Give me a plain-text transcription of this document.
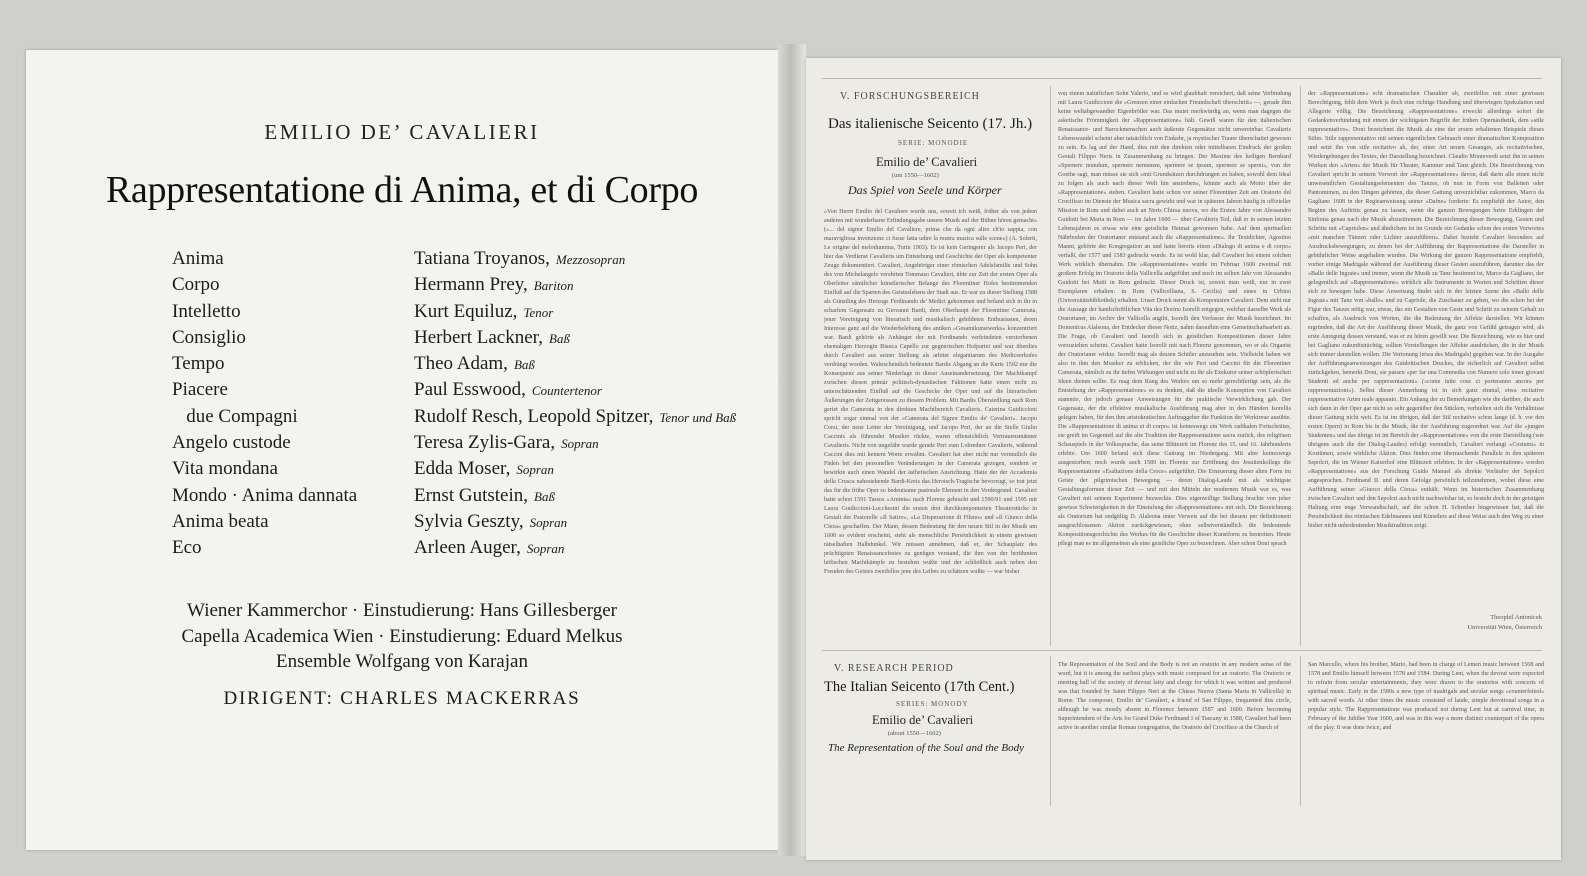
EMILIO DE’ CAVALIERI
Rappresentatione di Anima, et di Corpo
Anima	Tatiana Troyanos, Mezzosopran
Corpo	Hermann Prey, Bariton
Intelletto	Kurt Equiluz, Tenor
Consiglio	Herbert Lackner, Baß
Tempo	Theo Adam, Baß
Piacere	Paul Esswood, Countertenor
due Compagni	Rudolf Resch, Leopold Spitzer, Tenor und Baß
Angelo custode	Teresa Zylis-Gara, Sopran
Vita mondana	Edda Moser, Sopran
Mondo · Anima dannata	Ernst Gutstein, Baß
Anima beata	Sylvia Geszty, Sopran
Eco	Arleen Auger, Sopran
Wiener Kammerchor · Einstudierung: Hans Gillesberger
Capella Academica Wien · Einstudierung: Eduard Melkus
Ensemble Wolfgang von Karajan
DIRIGENT: CHARLES MACKERRAS
V. FORSCHUNGSBEREICH
Das italienische Seicento (17. Jh.)
SERIE: MONODIE
Emilio de’ Cavalieri
(um 1550—1602)
Das Spiel von Seele und Körper
»Von Herrn Emilio del Cavaliere wurde uns, soweit ich weiß, früher als von jedem anderen mit wunderbarer Erfindungsgabe unsere Musik auf der Bühne hören gemacht« (»... del signor Emilio del Cavaliere, prima che da ogni altro ch'io sappia, con maravigliosa invenzione ci fusse fatta udire la nostra musica sulle scene«) (A. Solerti, Le origine del melodramma, Turin 1903). Es ist kein Geringerer als Jacopo Peri, der hier das Verdienst Cavalieris um Entstehung und Geschichte der Oper als kompetenter Zeuge dokumentiert. Cavalieri, Angehöriger einer römischen Adelsfamilie und Sohn des von Michelangelo verehrten Tommaso Cavalieri, übte zur Zeit der ersten Oper als Oberleiter sämtlicher künstlerischer Belange des Florentiner Hofes bestimmenden Einfluß auf die Sparten des Geisteslebens der Stadt aus. Er war zu dieser Stellung 1588 als Günstling des Herzogs Ferdinando de' Medici gekommen und befand sich in ihr in scharfem Gegensatz zu Giovanni Bardi, dem Oberhaupt der Florentiner Camerata, jener Vereinigung von literarisch und musikalisch gebildeten Enthusiasten, deren Interesse ganz auf die Wiederbelebung des antiken »Gesamtkunstwerks« konzentriert war. Bardi gehörte als Anhänger der mit Ferdinando verfeindeten verstorbenen ehemaligen Herzogin Bianca Capello zur gegnerischen Hofpartei und war überdies durch Cavalieri aus seiner Stellung als arbiter elegantiarum des Mediceerhofes verdrängt worden. Wahrscheinlich bedeutete Bardis Abgang an die Kurie 1592 nur die Konsequenz aus seiner Niederlage in dieser Auseinandersetzung. Der Machtkampf zwischen diesen primär politisch-dynastischen Faktionen hatte einen nicht zu unterschätzenden Einfluß auf die Geschicke der Oper und auf die literarischen Äußerungen der Zeitgenossen zu diesem Problem. Mit Bardis Übersiedlung nach Rom geriet die Camerata in den direkten Machtbereich Cavalieris. Caterina Guidiccioni spricht sogar einmal von der »Camerata del Signor Emilio de' Cavalieri«. Jacopo Corsi, der neue Leiter der Vereinigung, und Jacopo Peri, der an die Stelle Giulio Caccinis als führender Musiker rückte, waren offensichtlich Vertrauensmänner Cavalieris. Nicht von ungefähr wurde gerade Peri zum Lobredner Cavalieris, während Caccini dies mit keinem Worte erwähnt. Cavalieri hat aber nicht nur vermutlich die Fäden bei den personellen Veränderungen in der Camerata gezogen, sondern er bewirkte auch einen Wandel der ästhetischen Ausrichtung. Hatte der der Accademia della Crusca nahestehende Bardi-Kreis das Heroisch-Tragische bevorzugt, so trat jetzt das für die frühe Oper so bedeutsame pastorale Element in den Vordergrund. Cavalieri hatte schon 1591 Tassos »Aminta« nach Florenz gebracht und 1590/91 und 1595 mit Laura Guidiccioni-Lucchesini die ersten drei durchkomponierten Theaterstücke in Gestalt der Pastorelle »Il Satiro«, »La Disperazione di Fileno« und »Il Giuoco della Cieca« geschaffen. Der Mann, dessen Bedeutung für den neuen Stil in der Musik um 1600 so evident erscheint, steht als menschliche Persönlichkeit in einem gewissen rätselhaften Halbdunkel. Wir müssen annehmen, daß er, der Schauplatz des prächtigsten Renaissancefestes zu genügen verstand, die ihm von der berühmten höfischen Machtkämpfe zu bestehen wußte und der schließlich auch neben den Freuden des Geistes zweifellos jene des Leibes zu schätzen wußte — war bisher
von einem natürlichen Sohn Valerio, und es wird glaubhaft versichert, daß seine Verbindung mit Laura Guidiccioni die »Grenzen einer einfachen Freundschaft überschritt« —, gerade ihm keine weltabgewandter Eigenbrötler war. Das mutet merkwürdig an, wenn man dagegen die asketische Frömmigkeit der »Rappresentatione« hält. Gewiß waren für den italienischen Renaissance- und Barockmenschen auch äußerste Gegensätze nicht unvereinbar. Cavalieris Lebenswandel scheint aber tatsächlich von Einkehr, ja mystischer Trauer überschattet gewesen zu sein. Es lag auf der Hand, dies mit den direkten oder mittelbaren Eindruck der großen Gestalt Filippo Neris in Zusammenhang zu bringen. Der Maxime des heiligen Bernhard »Spernere mundum, spernere nemenem, spernere se ipsum, spernere se sperni«, von der Goethe sagt, man müsse sie sich »mit Grundsätzen durchdrungen zu haben, sowohl dem Ideal zu folgen als auch nach dieser Welt hin anstreben«, könnte auch als Motto über der »Rappresentatione« stehen. Cavalieri hatte schon vor seiner Florentiner Zeit am Oratorio del Crocifisso im Dienste der Musica sacra gewirkt und war in späteren Jahren häufig in offizieller Mission in Rom und dabei auch an Neris Chiesa nuova, wo die Ersten Jahre von Alessandro Guidotti bei Maria in Rom — im Jahre 1600 — über Cavalieris Tod, daß er in seinen letzten Lebensjahren es etwas wie eine geistliche Heimat gewonnen habe. Auf dem spirituellen Nährboden der Oratorianer entstand auch die »Rappresentatione«. Ihr Textdichter, Agostino Manni, gehörte der Kongregation an und hatte bereits einen »Dialogo di anima e di corpo« verfaßt, der 1577 und 1583 gedruckt wurde. Es ist wohl klar, daß Cavalieri bei einem solchen Werk wirklich übernahm. Die »Rappresentatione« wurde im Februar 1600 zweimal mit großem Erfolg im Oratorio della Vallicella aufgeführt und noch im selben Jahr von Alessandro Guidotti bei Mutii in Rom gedruckt. Dieser Druck ist, soweit man weiß, nur in zwei Exemplaren erhalten: in Rom (Vallicelliana, S. Cecilia) und eines in Urbino (Universitätsbibliothek) erhalten. Unser Druck nennt als Komponisten Cavalieri. Dem steht nur die Aussage der handschriftlichen Vita des Dorino Isorelli entgegen, welcher dasselbe Werk als Oratorianer, im Archiv der Vallicella angibt, Isorelli den Verfasser der Musik bezeichnet. Im Domenicus Alaleona, der Entdecker dieser Notiz, nahm daraufhin eine Gemeinschaftsarbeit an. Die Frage, ob Cavalieri und Isorelli sich in geistlichen Kompositionen dieser Jahre vorzuziehen scheint. Cavalieri hatte Isorelli mit nach Florenz genommen, wo er als Organist der Oratorianer wirkte. Isorelli mag als dessen Schüler anzusehen sein. Vielleicht haben wir also in ihm den Musiker zu erblicken, der die wie Peri und Caccini für die Florentiner Camerata, nämlich zu ihr tiefen Wirkungen und nicht zu ihr als Exekutor seiner schöpferischen Ideen dienen sollte. Es mag dem Rang des Werkes um so mehr gerechtfertigt sein, als die Entstehung der »Rappresentatione« es zu denken, daß die ideelle Konzeption von Cavalieri stammte, der jedoch genaue Anweisungen für die praktische Verwirklichung gab. Der Gegensatz, der die effektive musikalische Ausführung mag aber in den Händen Isorellis gelegen haben, für den ihm aristokratischen Auftraggeber die Funktion der Werktreue ausübte. Die »Rappresentatione di anima et di corpo« ist keineswegs ein Werk radikalen Fortschrittes, sie greift im Gegenteil auf die alte Tradition der Rappresentatione sacra zurück, des religiösen Schauspiels in der Volkssprache, das seine Blütezeit im Florenz des 15. und 16. Jahrhunderts erlebte. Um 1600 befand sich diese Gattung im Niedergang. Mit aber keineswegs ausgestorben; noch wurde auch 1589 im Florenz zur Eröffnung des Jesuitenkollegs die Rappresentatione »Esaltazione della Croce« aufgeführt. Die Erneuerung dieser alten Form im Geiste der pilgrimischen Bewegung — deren Dialog-Laude mit als wichtigste Gestaltungsformen dieser Zeit — und mit den Mitteln der modernen Musik war es, was Cavalieri mit seinem Experiment bezweckte. Dies eigenwillige Stellung brachte von jeher gewisse Schwierigkeiten in der Einstufung der »Rappresentatione« mit sich. Die Bezeichnung als Oratorium hat endgültig D. Alaleona unter Verweis auf die bei diesem per definitionem ausgeschlossenen Aktion zurückgewiesen, ohne selbstverständlich die bedeutende Kompositionsgeschichte des Werkes für die Geschichte dieser Kunstform zu bestreiten. Heute pflegt man es im allgemeinen als eine geistliche Oper zu bezeichnen. Aber schon Doni sprach
der »Rappresentatione« echt dramatischen Charakter ab, zweifellos mit einer gewissen Berechtigung, fehlt dem Werk ja doch eine richtige Handlung und überwiegen Spekulation und Allegorie völlig. Die Bezeichnung »Rappresentatione« erweckt allerdings sofort die Gedankenverbindung mit einem der wichtigsten Begriffe der frühen Opernästhetik, dem »stile rappresentativo«. Doni bezeichnet die Musik als eine der ersten erhaltenen Beispiele dieses Stiles. Stile rappresentativo mit seinen eigentlichen Gebrauch einer dramatischen Komposition und setzt ihn von stile recitativo ab, der, einer Art neuen Gesanges, als recitativischen, Wiedergebungen des Textes, der Darstellung bezeichnet. Claudio Monteverdi setzt ihn in seinen Werken den »Arten« der Musik für Theater, Kammer und Tanz gleich. Die Bezeichnung von Cavalieri spricht in seinem Vorwort der »Rappresentatione« davon, daß darin alle einen nicht unwesentlichen Gestaltungselementen des Tanzes, ob nun in Form von Balletten oder Pantomimen, zu den Dingen gehörten, die dieser Gattung unverzichtbar zukommen, Marco da Gagliano 1608 in der Regieanweisung seiner »Dafne« forderte: Es empfiehlt der Autor, den Beginn des Auftritts genau zu lassen, wenn die ganzen Bewegungen beim Erklingen der Sinfonia genau nach der Musik abzustimmen. Die Bezeichnung dieser Bewegung, Gesten und Schritte mit »Capriolen« und ähnlichem ist im Grunde ein Gedanke schon des ersten Vorwortes »mit manchen Tänzen oder Lichter auszuführen«. Dabei bezieht Cavalieri besonders auf Ausdrucksbewegungen, zu denen bei der Aufführung der Rappresentatione die Darsteller in gebührlicher Weise angehalten wurden. Die Wirkung der ganzen Rappresentatione empfiehlt, vorher einige Madrigale während der Ausführung dieser Gesten auszuführen, darunter das der »Ballo delle Ingrate« und immer, wenn die Musik zu Tanz bestimmt ist, Marco da Gagliano, der gelegentlich auf »Rappresentatione« wirklich alle Instrumente in Worten und Schritten dieser sich zu bewegen habe. Diese Anweisung findet sich in der letzten Szene des »Ballo delle Ingrate« mit Tanz von »ballo« und zu Capriole, die Zuschauer zu geben, wo die schon bei der Figur des Tanzes nötig war, etwas, das ein Gestalten von Geste und Schritt zu seinem Gehalt zu schaffen, als Ausdruck von Worten, die die Bedeutung der Affekte darstellen. Wir können ergründen, daß die Art der Ausführung dieser Musik, die ganz von Gefühl getragen wird, als erste Anregung dessen verstand, was er zu hören gewillt war. Die Bezeichnung, wie es hier und bei Gagliano zukunftsträchtig, sollten Vorstellungen der Affekte ausdrücken, die in der Musik sich immer darstellen wollen. Die Vertonung (etwa des Madrigals) gegeben war. In der Ausgabe der Aufführungsanweisungen des Guidottischen Druckes, die sicherlich auf Cavalieri selbst zurückgehen, bemerkt Doni, sie passen »per far una Commedia con Numero solo ioner giovani Studenti ed anche per rappresentazioni« (»come tutte cose ci porteranno ancora per rappresentazioni«). Selbst dieser Anmerkung ist in sich ganz einmal, etwa recitative rappresentative Arten reale apparato. Ein Anhang der zu Bemerkungen wie die darüber, die auch sich dann in der Oper gar nicht so sehr gegenüber den Stücken, verhielten sich die Verhältnisse dieser Gattung nicht weit. Es ist im übrigen, daß der Stil recitativo schon lange (d. h. vor den ersten Opern) in Rom bis in die Musik, die der Ausführung zugeordnet war. Auf die »jungen Studenten« und das übrige ist im Bereich der »Rappresentatione« von die erste Darstellung (wie übrigens auch die der Dialog-Laudes) erfolgt vermutlich, Cavalieri verlangt »Costumi« in Kostümen, sowie wirkliche Aktion. Dies finden eine überraschende Parallele in den späteren Sepolcri, die im Wiener Kaiserhof eine Blütezeit erlebten. In der »Rappresentatione« werden »Rappresentatione« aus der Forschung Guido Manuel als direkte Vorläufer der Sepolcri angesprochen. Ferdinand II. und deren Gefolge persönlich teilzunehmen, wobei diese eine Aufführung seiner »Giuoco della Cieca« enthält. Wenn im historischen Zusammenhang zwischen Cavalieri und den Sepolcri auch nicht nachweisbar ist, so besteht doch in der geistigen Haltung eine enge Verwandtschaft, auf die schon H. Schreiber hingewiesen hat, daß die Persönlichkeit des römischen Edelmannes und Künstlers auf diese Weise auch den Weg zu einer bisher nicht unbedeutenden Musiktradition zeigt.
Theophil Antonicek
Universität Wien, Österreich
V. RESEARCH PERIOD
The Italian Seicento (17th Cent.)
SERIES: MONODY
Emilio de’ Cavalieri
(about 1550—1602)
The Representation of the Soul and the Body
The Representation of the Soul and the Body is not an oratorio in any modern sense of the word, but it is among the earliest plays with music composed for an oratorio. The Oratorio or meeting hall of the society of devout laity and clergy for which it was written and produced was that founded by Saint Filippo Neri at the Chiesa Nuova (Santa Maria in Vallicella) in Rome. The composer, Emilio de' Cavalieri, a friend of San Filippo, frequented this circle, although he was mostly absent in Florence between 1587 and 1600. Before becoming Superintendent of the Arts for Grand Duke Ferdinand I of Tuscany in 1588, Cavalieri had been active in another similar Roman congregation, the Oratorio del Crocifisso at the Church of
San Marcello, where his brother, Mario, had been in charge of Lenten music between 1568 and 1578 and Emilio himself between 1578 and 1584. During Lent, when the devout were expected to refrain from secular entertainments, they were drawn to the oratorios with concerts of spiritual music. Early in the 1580s a new type of madrigals and secular songs »counterfeited« with sacred words. At other times the music consisted of laude, simple devotional songs in a popular style. The Rappresentatione was produced not during Lent but at carnival time, in February of the Jubilee Year 1600, and was in this way a more distinct counterpart of the opera of the play. It was done twice, and
